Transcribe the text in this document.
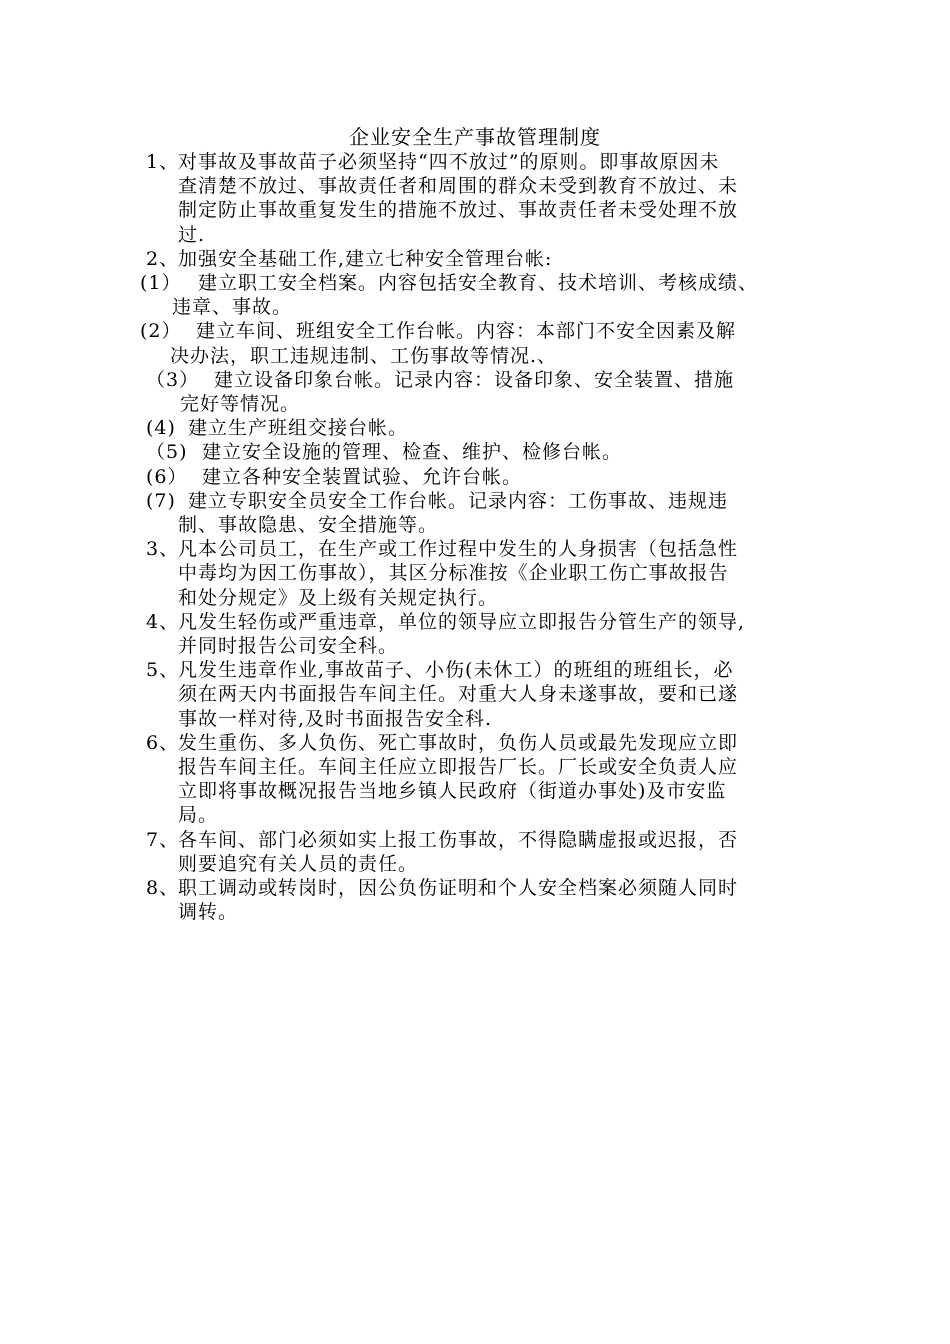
企业安全生产事故管理制度
1、
对事故及事故苗子必须坚持“四不放过”的原则。即事故原因未
查清楚不放过、事故责任者和周围的群众未受到教育不放过、未
制定防止事故重复发生的措施不放过、事故责任者未受处理不放
过.
2、
加强安全基础工作,建立七种安全管理台帐:
(1） 建立职工安全档案。内容包括安全教育、技术培训、考核成绩、
违章、事故。
(2） 建立车间、班组安全工作台帐。内容：本部门不安全因素及解
决办法，职工违规违制、工伤事故等情况.、
（3） 建立设备印象台帐。记录内容：设备印象、安全装置、措施
完好等情况。
(4) 建立生产班组交接台帐。
（5) 建立安全设施的管理、检查、维护、检修台帐。
(6） 建立各种安全装置试验、允许台帐。
(7) 建立专职安全员安全工作台帐。记录内容：工伤事故、违规违
制、事故隐患、安全措施等。
3、
凡本公司员工，在生产或工作过程中发生的人身损害（包括急性
中毒均为因工伤事故），其区分标准按《企业职工伤亡事故报告
和处分规定》及上级有关规定执行。
4、
凡发生轻伤或严重违章，单位的领导应立即报告分管生产的领导,
并同时报告公司安全科。
5、
凡发生违章作业,事故苗子、小伤(未休工）的班组的班组长，必
须在两天内书面报告车间主任。对重大人身未遂事故，要和已遂
事故一样对待,及时书面报告安全科.
6、
发生重伤、多人负伤、死亡事故时，负伤人员或最先发现应立即
报告车间主任。车间主任应立即报告厂长。厂长或安全负责人应
立即将事故概况报告当地乡镇人民政府（街道办事处)及市安监
局。
7、
各车间、部门必须如实上报工伤事故，不得隐瞒虚报或迟报，否
则要追究有关人员的责任。
8、
职工调动或转岗时，因公负伤证明和个人安全档案必须随人同时
调转。
